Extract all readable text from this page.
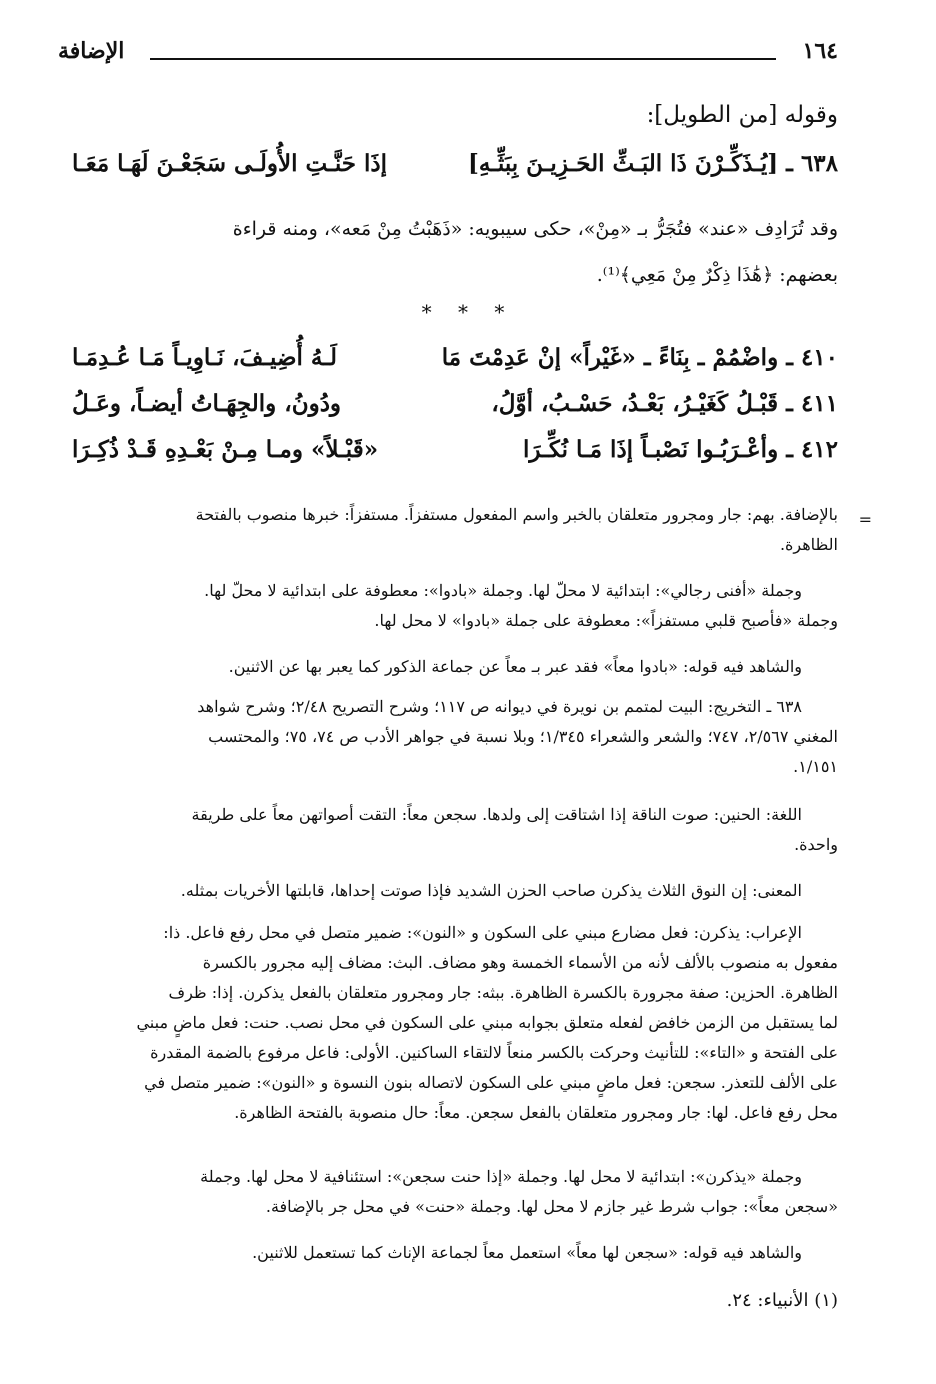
١٦٤
الإضافة
وقوله [من الطويل]:
٦٣٨ ـ [يُـذَكِّـرْنَ ذَا البَـثِّ الحَـزِيـنَ بِبَثِّـهِ]
إذَا حَنَّـتِ الأُولَـى سَجَعْـنَ لَهَـا مَعَـا
وقد تُرَادِف «عند» فتُجَرُّ بـ «مِنْ»، حكى سيبويه: «ذَهَبْتُ مِنْ مَعه»، ومنه قراءة
بعضهم: ﴿هَٰذَا ذِكْرٌ مِنْ مَعِي﴾⁽¹⁾.
* * *
٤١٠ ـ واضْمُمْ ـ بِنَاءً ـ «غَيْراً» إنْ عَدِمْتَ مَا
لَـهُ أُضِيـفَ، نَـاوِيـاً مَـا عُـدِمَـا
٤١١ ـ قَبْـلُ كَغَيْـرُ، بَعْـدُ، حَسْـبُ، أوَّلُ،
ودُونُ، والجِهَـاتُ أيضـاً، وعَـلُ
٤١٢ ـ وأعْـرَبُـوا نَصْبـاً إذَا مَـا نُكِّـرَا
«قَبْـلاً» ومـا مِـنْ بَعْـدِهِ قَـدْ ذُكِـرَا
=

بالإضافة. بهم: جار ومجرور متعلقان بالخبر واسم المفعول مستفزاً. مستفزاً: خبرها منصوب بالفتحة

الظاهرة.

وجملة «أفنى رجالي»: ابتدائية لا محلّ لها. وجملة «بادوا»: معطوفة على ابتدائية لا محلّ لها.

وجملة «فأصبح قلبي مستفزاً»: معطوفة على جملة «بادوا» لا محل لها.

والشاهد فيه قوله: «بادوا معاً» فقد عبر بـ معاً عن جماعة الذكور كما يعبر بها عن الاثنين.

٦٣٨ ـ التخريج: البيت لمتمم بن نويرة في ديوانه ص ١١٧؛ وشرح التصريح ٢/٤٨؛ وشرح شواهد

المغني ٢/٥٦٧، ٧٤٧؛ والشعر والشعراء ١/٣٤٥؛ وبلا نسبة في جواهر الأدب ص ٧٤، ٧٥؛ والمحتسب

١/١٥١.

اللغة: الحنين: صوت الناقة إذا اشتاقت إلى ولدها. سجعن معاً: التقت أصواتهن معاً على طريقة

واحدة.

المعنى: إن النوق الثلاث يذكرن صاحب الحزن الشديد فإذا صوتت إحداها، قابلتها الأخريات بمثله.

الإعراب: يذكرن: فعل مضارع مبني على السكون و «النون»: ضمير متصل في محل رفع فاعل. ذا:

مفعول به منصوب بالألف لأنه من الأسماء الخمسة وهو مضاف. البث: مضاف إليه مجرور بالكسرة

الظاهرة. الحزين: صفة مجرورة بالكسرة الظاهرة. ببثه: جار ومجرور متعلقان بالفعل يذكرن. إذا: ظرف

لما يستقبل من الزمن خافض لفعله متعلق بجوابه مبني على السكون في محل نصب. حنت: فعل ماضٍ مبني

على الفتحة و «التاء»: للتأنيث وحركت بالكسر منعاً لالتقاء الساكنين. الأولى: فاعل مرفوع بالضمة المقدرة

على الألف للتعذر. سجعن: فعل ماضٍ مبني على السكون لاتصاله بنون النسوة و «النون»: ضمير متصل في

محل رفع فاعل. لها: جار ومجرور متعلقان بالفعل سجعن. معاً: حال منصوبة بالفتحة الظاهرة.

وجملة «يذكرن»: ابتدائية لا محل لها. وجملة «إذا حنت سجعن»: استئنافية لا محل لها. وجملة

«سجعن معاً»: جواب شرط غير جازم لا محل لها. وجملة «حنت» في محل جر بالإضافة.

والشاهد فيه قوله: «سجعن لها معاً» استعمل معاً لجماعة الإناث كما تستعمل للاثنين.

(١) الأنبياء: ٢٤.
